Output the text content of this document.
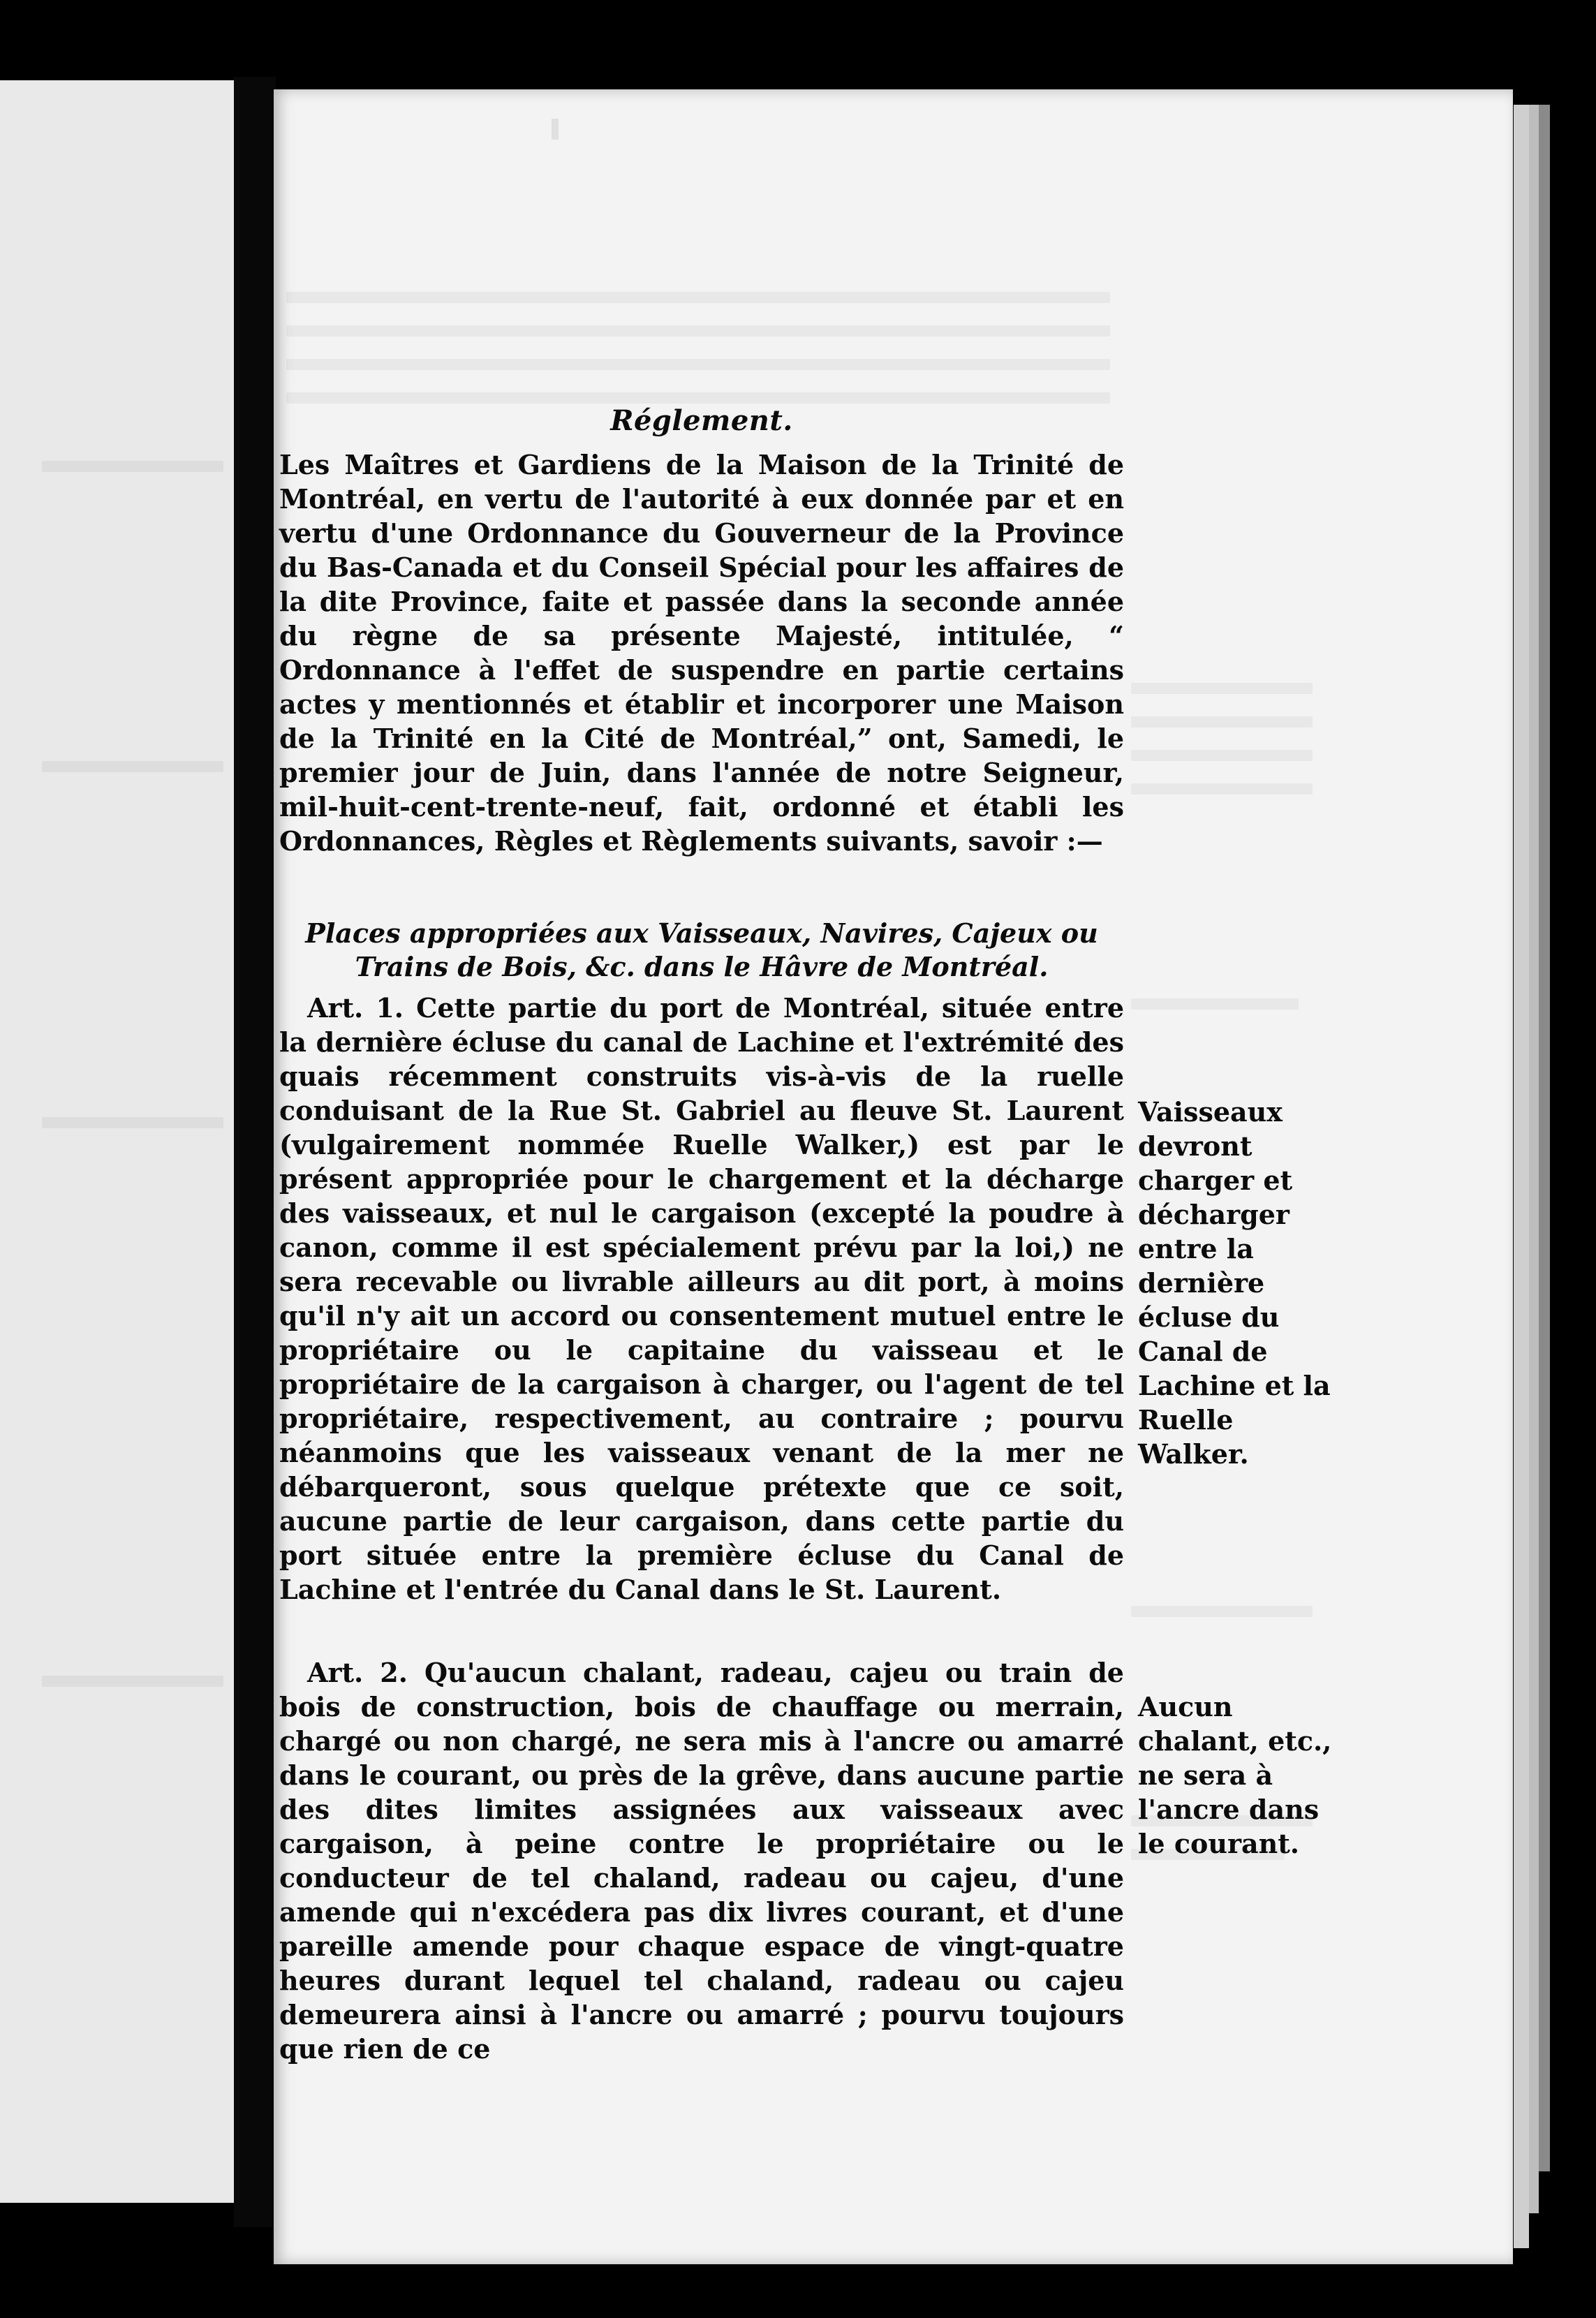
Réglement.

Les Maîtres et Gardiens de la Maison de la Trinité de Montréal, en vertu de l'autorité à eux donnée par et en vertu d'une Ordonnance du Gouverneur de la Province du Bas-Canada et du Conseil Spécial pour les affaires de la dite Province, faite et passée dans la seconde année du règne de sa présente Majesté, intitulée, “ Ordonnance à l'effet de suspendre en partie certains actes y mentionnés et établir et incorporer une Maison de la Trinité en la Cité de Montréal,” ont, Samedi, le premier jour de Juin, dans l'année de notre Seigneur, mil-huit-cent-trente-neuf, fait, ordonné et établi les Ordonnances, Règles et Règlements suivants, savoir :—

Places appropriées aux Vaisseaux, Navires, Cajeux ou
Trains de Bois, &c. dans le Hâvre de Montréal.

Art. 1. Cette partie du port de Montréal, située entre la dernière écluse du canal de Lachine et l'extrémité des quais récemment construits vis-à-vis de la ruelle conduisant de la Rue St. Gabriel au fleuve St. Laurent (vulgairement nommée Ruelle Walker,) est par le présent appropriée pour le chargement et la décharge des vaisseaux, et nul le cargaison (excepté la poudre à canon, comme il est spécialement prévu par la loi,) ne sera recevable ou livrable ailleurs au dit port, à moins qu'il n'y ait un accord ou consentement mutuel entre le propriétaire ou le capitaine du vaisseau et le propriétaire de la cargaison à charger, ou l'agent de tel propriétaire, respectivement, au contraire ; pourvu néanmoins que les vaisseaux venant de la mer ne débarqueront, sous quelque prétexte que ce soit, aucune partie de leur cargaison, dans cette partie du port située entre la première écluse du Canal de Lachine et l'entrée du Canal dans le St. Laurent.

Art. 2. Qu'aucun chalant, radeau, cajeu ou train de bois de construction, bois de chauffage ou merrain, chargé ou non chargé, ne sera mis à l'ancre ou amarré dans le courant, ou près de la grêve, dans aucune partie des dites limites assignées aux vaisseaux avec cargaison, à peine contre le propriétaire ou le conducteur de tel chaland, radeau ou cajeu, d'une amende qui n'excédera pas dix livres courant, et d'une pareille amende pour chaque espace de vingt-quatre heures durant lequel tel chaland, radeau ou cajeu demeurera ainsi à l'ancre ou amarré ; pourvu toujours que rien de ce

Vaisseaux devront charger et décharger entre la dernière écluse du Canal de Lachine et la Ruelle Walker.
Aucun chalant, etc., ne sera à l'ancre dans le courant.
